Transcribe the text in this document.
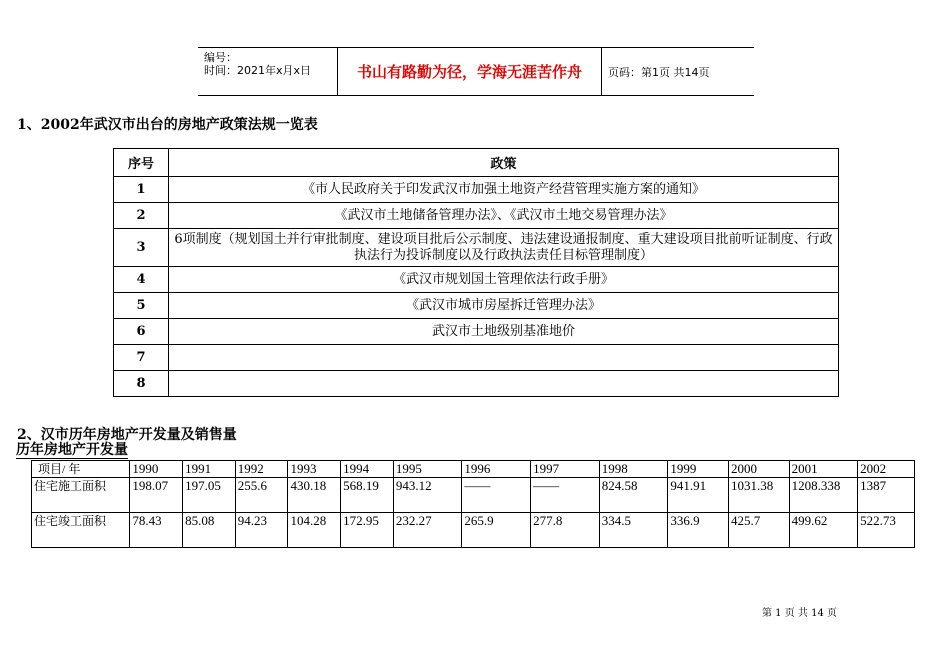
编号：
时间：2021年x月x日	书山有路勤为径，学海无涯苦作舟	页码：第1页 共14页
1、2002年武汉市出台的房地产政策法规一览表
序号	政策
1	《市人民政府关于印发武汉市加强土地资产经营管理实施方案的通知》
2	《武汉市土地储备管理办法》、《武汉市土地交易管理办法》
3	6项制度（规划国土并行审批制度、建设项目批后公示制度、违法建设通报制度、重大建设项目批前听证制度、行政执法行为投诉制度以及行政执法责任目标管理制度）
4	《武汉市规划国土管理依法行政手册》
5	《武汉市城市房屋拆迁管理办法》
6	武汉市土地级别基准地价
7	
8	
2、汉市历年房地产开发量及销售量
历年房地产开发量
项目/ 年	1990	1991	1992	1993	1994	1995	1996	1997	1998	1999	2000	2001	2002
住宅施工面积	198.07	197.05	255.6	430.18	568.19	943.12	——	——	824.58	941.91	1031.38	1208.338	1387
住宅竣工面积	78.43	85.08	94.23	104.28	172.95	232.27	265.9	277.8	334.5	336.9	425.7	499.62	522.73
第 1 页 共 14 页
